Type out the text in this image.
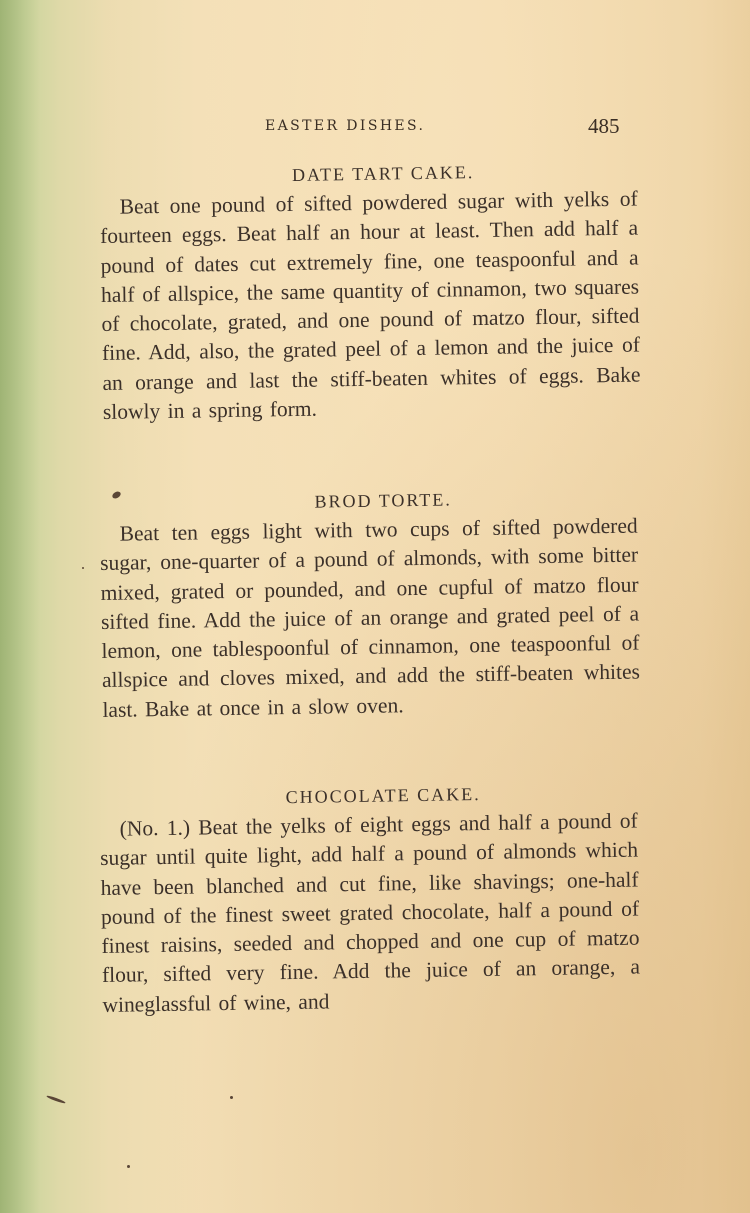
EASTER DISHES.	485
DATE TART CAKE.

Beat one pound of sifted powdered sugar with yelks of fourteen eggs. Beat half an hour at least. Then add half a pound of dates cut extremely fine, one teaspoonful and a half of allspice, the same quantity of cinnamon, two squares of chocolate, grated, and one pound of matzo flour, sifted fine. Add, also, the grated peel of a lemon and the juice of an orange and last the stiff-beaten whites of eggs. Bake slowly in a spring form.

BROD TORTE.

Beat ten eggs light with two cups of sifted powdered sugar, one-quarter of a pound of almonds, with some bitter mixed, grated or pounded, and one cupful of matzo flour sifted fine. Add the juice of an orange and grated peel of a lemon, one tablespoonful of cinnamon, one teaspoonful of allspice and cloves mixed, and add the stiff-beaten whites last. Bake at once in a slow oven.

CHOCOLATE CAKE.

(No. 1.) Beat the yelks of eight eggs and half a pound of sugar until quite light, add half a pound of almonds which have been blanched and cut fine, like shavings; one-half pound of the finest sweet grated chocolate, half a pound of finest raisins, seeded and chopped and one cup of matzo flour, sifted very fine. Add the juice of an orange, a wineglassful of wine, and
